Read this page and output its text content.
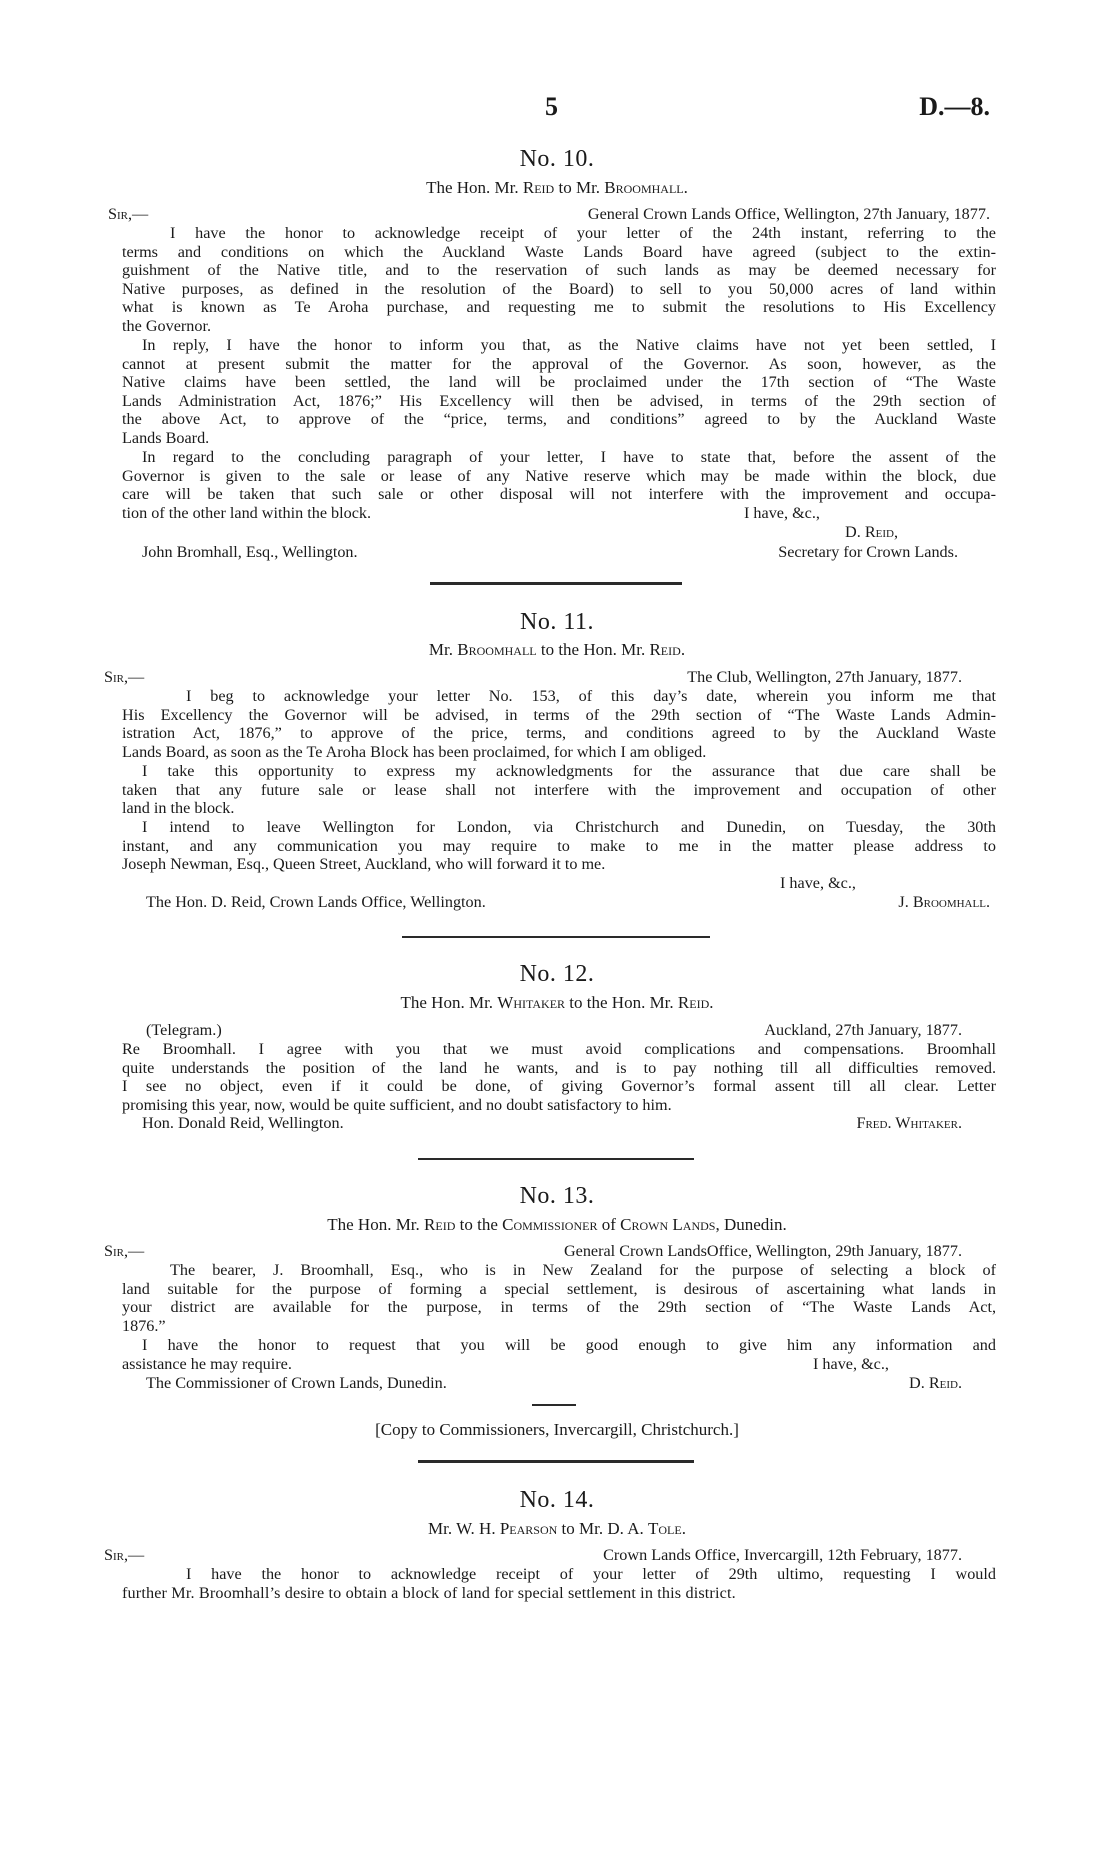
5	D.—8.
No. 10.
The Hon. Mr. Reid to Mr. Broomhall.
Sir,—	General Crown Lands Office, Wellington, 27th January, 1877.
I have the honor to acknowledge receipt of your letter of the 24th instant, referring to the
terms and conditions on which the Auckland Waste Lands Board have agreed (subject to the extin-
guishment of the Native title, and to the reservation of such lands as may be deemed necessary for
Native purposes, as defined in the resolution of the Board) to sell to you 50,000 acres of land within
what is known as Te Aroha purchase, and requesting me to submit the resolutions to His Excellency
the Governor.
In reply, I have the honor to inform you that, as the Native claims have not yet been settled, I
cannot at present submit the matter for the approval of the Governor. As soon, however, as the
Native claims have been settled, the land will be proclaimed under the 17th section of “The Waste
Lands Administration Act, 1876;” His Excellency will then be advised, in terms of the 29th section of
the above Act, to approve of the “price, terms, and conditions” agreed to by the Auckland Waste
Lands Board.
In regard to the concluding paragraph of your letter, I have to state that, before the assent of the
Governor is given to the sale or lease of any Native reserve which may be made within the block, due
care will be taken that such sale or other disposal will not interfere with the improvement and occupa-
tion of the other land within the block.	I have, &c.,
D. Reid,
John Bromhall, Esq., Wellington.	Secretary for Crown Lands.
No. 11.
Mr. Broomhall to the Hon. Mr. Reid.
Sir,—	The Club, Wellington, 27th January, 1877.
I beg to acknowledge your letter No. 153, of this day’s date, wherein you inform me that
His Excellency the Governor will be advised, in terms of the 29th section of “The Waste Lands Admin-
istration Act, 1876,” to approve of the price, terms, and conditions agreed to by the Auckland Waste
Lands Board, as soon as the Te Aroha Block has been proclaimed, for which I am obliged.
I take this opportunity to express my acknowledgments for the assurance that due care shall be
taken that any future sale or lease shall not interfere with the improvement and occupation of other
land in the block.
I intend to leave Wellington for London, via Christchurch and Dunedin, on Tuesday, the 30th
instant, and any communication you may require to make to me in the matter please address to
Joseph Newman, Esq., Queen Street, Auckland, who will forward it to me.
I have, &c.,
The Hon. D. Reid, Crown Lands Office, Wellington.	J. Broomhall.
No. 12.
The Hon. Mr. Whitaker to the Hon. Mr. Reid.
(Telegram.)	Auckland, 27th January, 1877.
Re Broomhall. I agree with you that we must avoid complications and compensations. Broomhall
quite understands the position of the land he wants, and is to pay nothing till all difficulties removed.
I see no object, even if it could be done, of giving Governor’s formal assent till all clear. Letter
promising this year, now, would be quite sufficient, and no doubt satisfactory to him.
Hon. Donald Reid, Wellington.	Fred. Whitaker.
No. 13.
The Hon. Mr. Reid to the Commissioner of Crown Lands, Dunedin.
Sir,—	General Crown LandsOffice, Wellington, 29th January, 1877.
The bearer, J. Broomhall, Esq., who is in New Zealand for the purpose of selecting a block of
land suitable for the purpose of forming a special settlement, is desirous of ascertaining what lands in
your district are available for the purpose, in terms of the 29th section of “The Waste Lands Act,
1876.”
I have the honor to request that you will be good enough to give him any information and
assistance he may require.	I have, &c.,
The Commissioner of Crown Lands, Dunedin.	D. Reid.
[Copy to Commissioners, Invercargill, Christchurch.]
No. 14.
Mr. W. H. Pearson to Mr. D. A. Tole.
Sir,—	Crown Lands Office, Invercargill, 12th February, 1877.
I have the honor to acknowledge receipt of your letter of 29th ultimo, requesting I would
further Mr. Broomhall’s desire to obtain a block of land for special settlement in this district.
